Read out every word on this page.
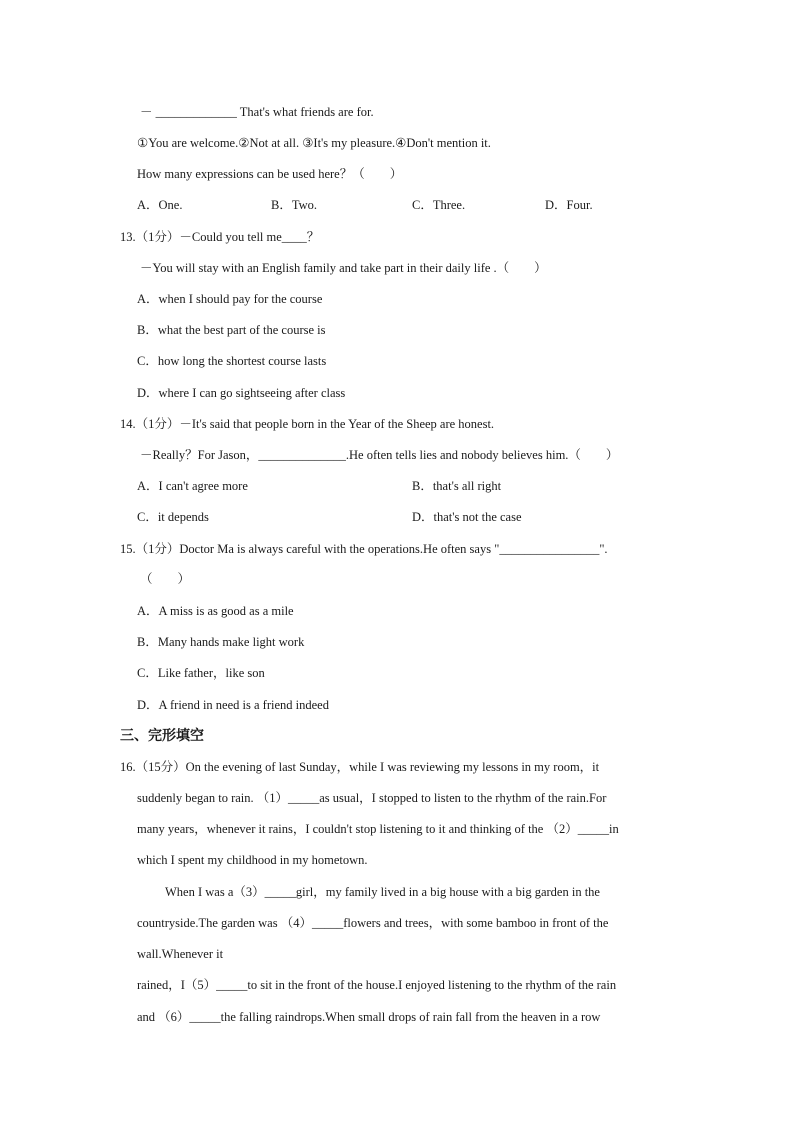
－ _____________ That's what friends are for.
①You are welcome.②Not at all. ③It's my pleasure.④Don't mention it.
How many expressions can be used here？（　　）
A．One.	B．Two.	C．Three.	D．Four.
13.（1分）－Could you tell me____？
－You will stay with an English family and take part in their daily life .（　　）
A．when I should pay for the course
B．what the best part of the course is
C．how long the shortest course lasts
D．where I can go sightseeing after class
14.（1分）－It's said that people born in the Year of the Sheep are honest.
－Really？For Jason，______________.He often tells lies and nobody believes him.（　　）
A．I can't agree more	B．that's all right
C．it depends	D．that's not the case
15.（1分）Doctor Ma is always careful with the operations.He often says "________________".
（　　）
A．A miss is as good as a mile
B．Many hands make light work
C．Like father，like son
D．A friend in need is a friend indeed
三、完形填空
16.（15分）On the evening of last Sunday，while I was reviewing my lessons in my room，it
suddenly began to rain. （1）_____as usual，I stopped to listen to the rhythm of the rain.For
many years，whenever it rains，I couldn't stop listening to it and thinking of the （2）_____in
which I spent my childhood in my hometown.
When I was a（3）_____girl，my family lived in a big house with a big garden in the
countryside.The garden was （4）_____flowers and trees，with some bamboo in front of the
wall.Whenever it
rained，I（5）_____to sit in the front of the house.I enjoyed listening to the rhythm of the rain
and （6）_____the falling raindrops.When small drops of rain fall from the heaven in a row
